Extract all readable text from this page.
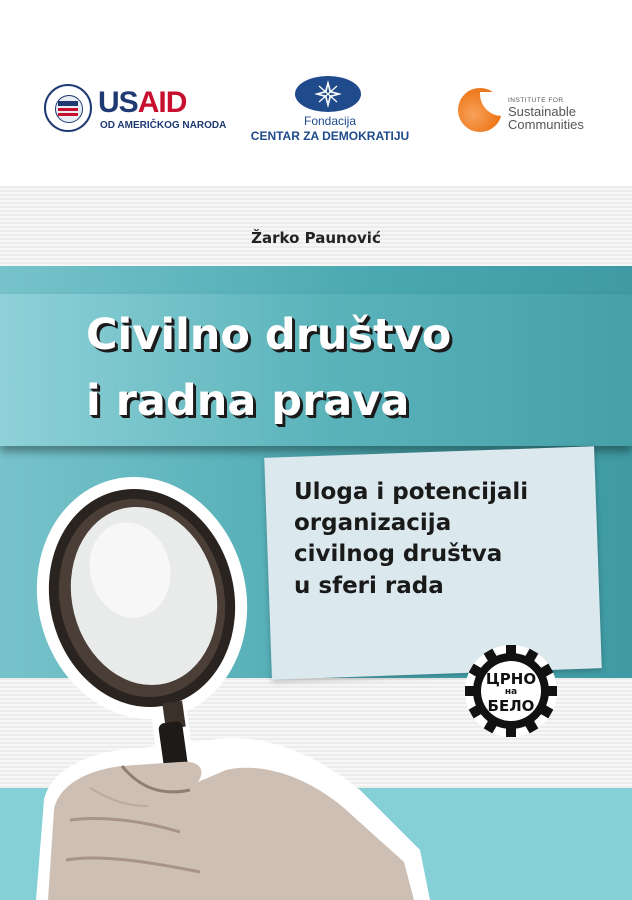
USAID
OD AMERIČKOG NARODA	Fondacija
CENTAR ZA DEMOKRATIJU
INSTITUTE FOR
Sustainable
Communities
Žarko Paunović
Civilno društvo
i radna prava
Uloga i potencijali
organizacija
civilnog društva
u sferi rada
ЦРНО
на
БЕЛО
